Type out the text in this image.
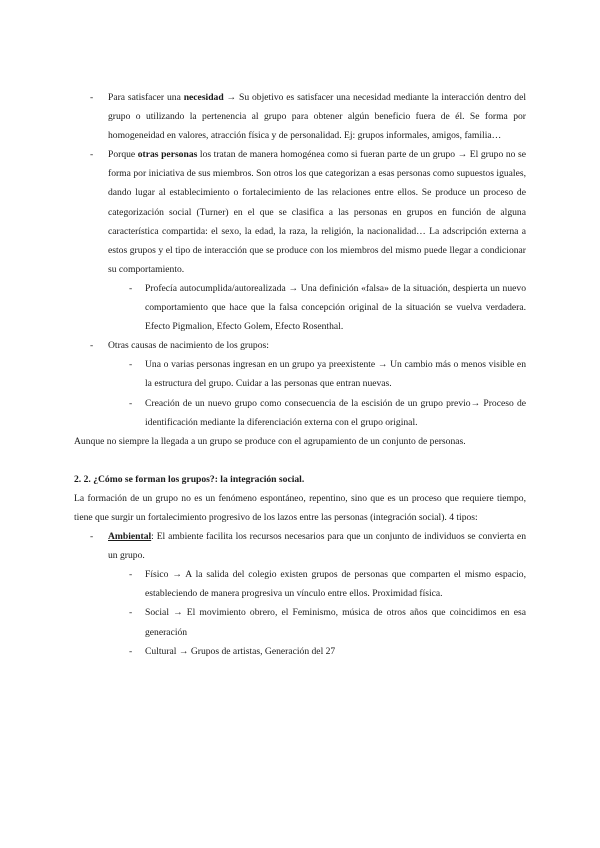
- Para satisfacer una necesidad → Su objetivo es satisfacer una necesidad mediante la interacción dentro del grupo o utilizando la pertenencia al grupo para obtener algún beneficio fuera de él. Se forma por homogeneidad en valores, atracción física y de personalidad. Ej: grupos informales, amigos, familia…

- Porque otras personas los tratan de manera homogénea como si fueran parte de un grupo → El grupo no se forma por iniciativa de sus miembros. Son otros los que categorizan a esas personas como supuestos iguales, dando lugar al establecimiento o fortalecimiento de las relaciones entre ellos. Se produce un proceso de categorización social (Turner) en el que se clasifica a las personas en grupos en función de alguna característica compartida: el sexo, la edad, la raza, la religión, la nacionalidad… La adscripción externa a estos grupos y el tipo de interacción que se produce con los miembros del mismo puede llegar a condicionar su comportamiento.

- Profecía autocumplida/autorealizada → Una definición «falsa» de la situación, despierta un nuevo comportamiento que hace que la falsa concepción original de la situación se vuelva verdadera. Efecto Pigmalion, Efecto Golem, Efecto Rosenthal.

- Otras causas de nacimiento de los grupos:

- Una o varias personas ingresan en un grupo ya preexistente → Un cambio más o menos visible en la estructura del grupo. Cuidar a las personas que entran nuevas.

- Creación de un nuevo grupo como consecuencia de la escisión de un grupo previo→ Proceso de identificación mediante la diferenciación externa con el grupo original.

Aunque no siempre la llegada a un grupo se produce con el agrupamiento de un conjunto de personas.

2. 2. ¿Cómo se forman los grupos?: la integración social.

La formación de un grupo no es un fenómeno espontáneo, repentino, sino que es un proceso que requiere tiempo, tiene que surgir un fortalecimiento progresivo de los lazos entre las personas (integración social). 4 tipos:

- Ambiental: El ambiente facilita los recursos necesarios para que un conjunto de individuos se convierta en un grupo.

- Físico → A la salida del colegio existen grupos de personas que comparten el mismo espacio, estableciendo de manera progresiva un vínculo entre ellos. Proximidad física.

- Social → El movimiento obrero, el Feminismo, música de otros años que coincidimos en esa generación

- Cultural → Grupos de artistas, Generación del 27
